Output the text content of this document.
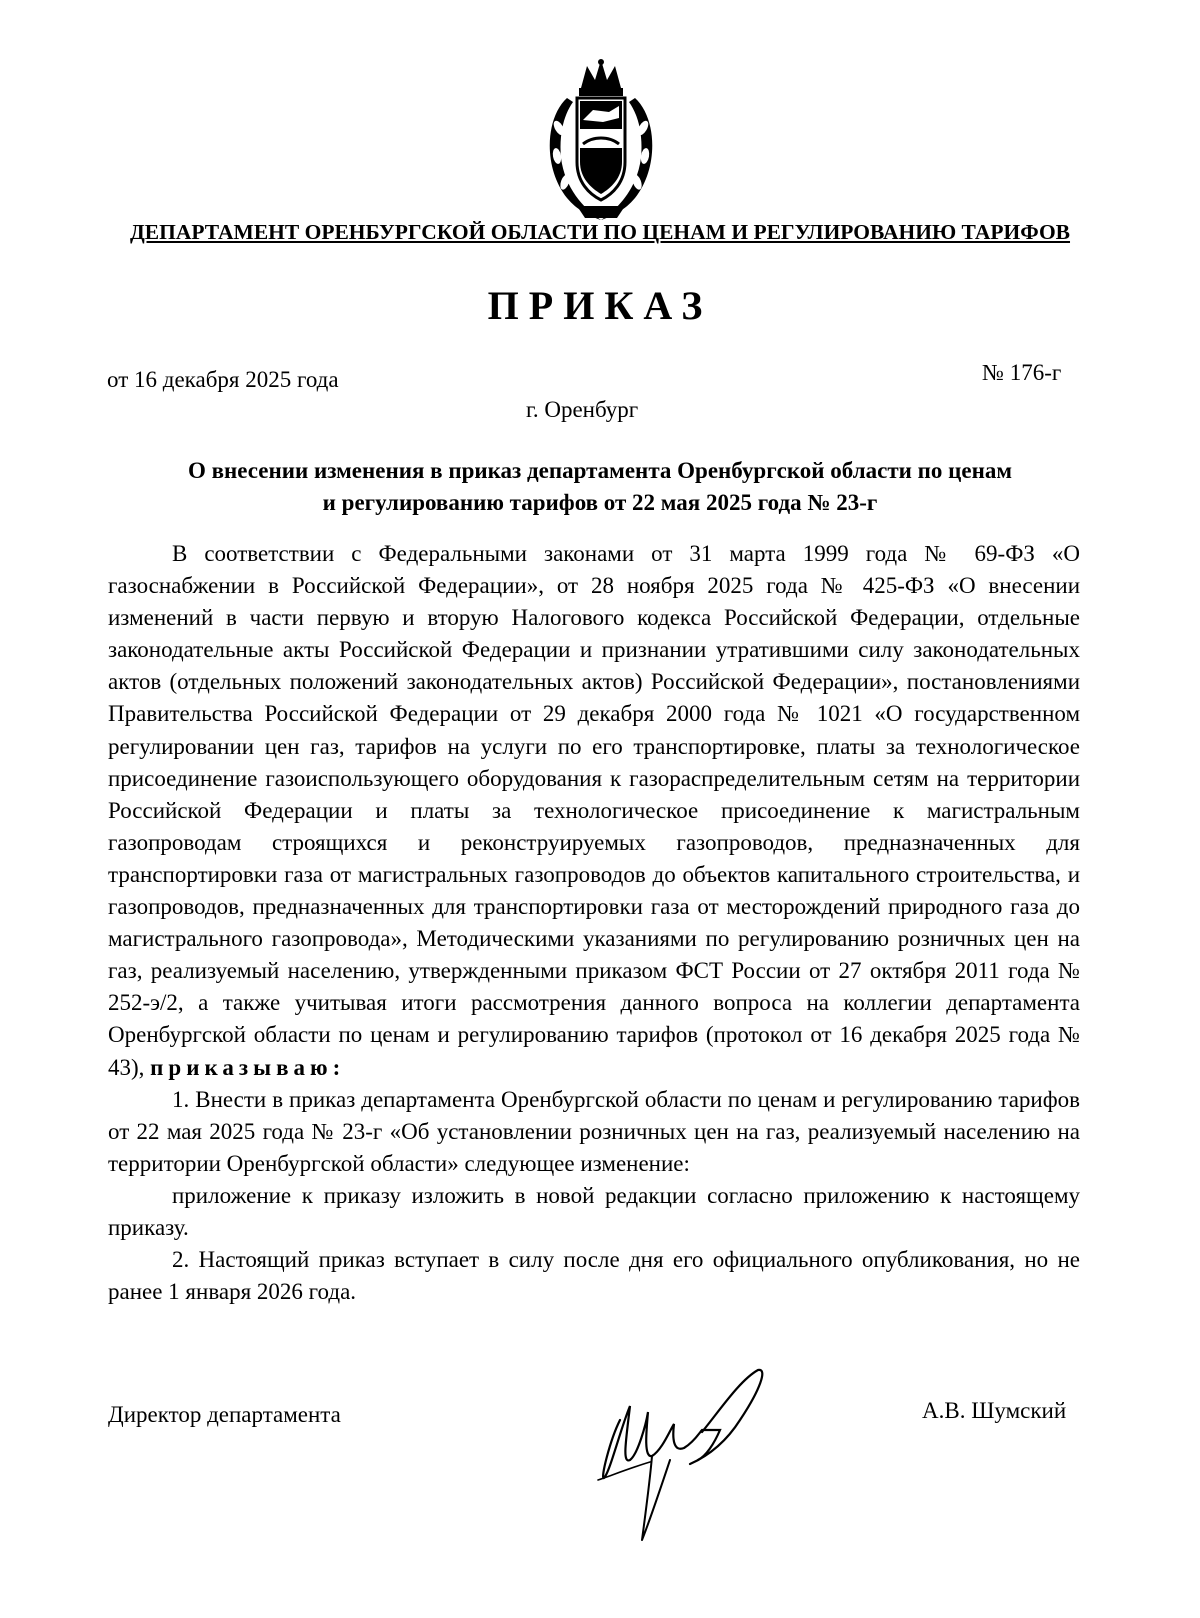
ДЕПАРТАМЕНТ ОРЕНБУРГСКОЙ ОБЛАСТИ ПО ЦЕНАМ И РЕГУЛИРОВАНИЮ ТАРИФОВ
ПРИКАЗ
от 16 декабря 2025 года	№ 176-г
г. Оренбург
О внесении изменения в приказ департамента Оренбургской области по ценам
и регулированию тарифов от 22 мая 2025 года № 23-г

В соответствии с Федеральными законами от 31 марта 1999 года № 69-ФЗ «О газоснабжении в Российской Федерации», от 28 ноября 2025 года № 425-ФЗ «О внесении изменений в части первую и вторую Налогового кодекса Российской Федерации, отдельные законодательные акты Российской Федерации и признании утратившими силу законодательных актов (отдельных положений законодательных актов) Российской Федерации», постановлениями Правительства Российской Федерации от 29 декабря 2000 года № 1021 «О государственном регулировании цен газ, тарифов на услуги по его транспортировке, платы за технологическое присоединение газоиспользующего оборудования к газораспределительным сетям на территории Российской Федерации и платы за технологическое присоединение к магистральным газопроводам строящихся и реконструируемых газопроводов, предназначенных для транспортировки газа от магистральных газопроводов до объектов капитального строительства, и газопроводов, предназначенных для транспортировки газа от месторождений природного газа до магистрального газопровода», Методическими указаниями по регулированию розничных цен на газ, реализуемый населению, утвержденными приказом ФСТ России от 27 октября 2011 года № 252-э/2, а также учитывая итоги рассмотрения данного вопроса на коллегии департамента Оренбургской области по ценам и регулированию тарифов (протокол от 16 декабря 2025 года № 43), приказываю:

1. Внести в приказ департамента Оренбургской области по ценам и регулированию тарифов от 22 мая 2025 года № 23-г «Об установлении розничных цен на газ, реализуемый населению на территории Оренбургской области» следующее изменение:

приложение к приказу изложить в новой редакции согласно приложению к настоящему приказу.

2. Настоящий приказ вступает в силу после дня его официального опубликования, но не ранее 1 января 2026 года.

Директор департамента	А.В. Шумский
